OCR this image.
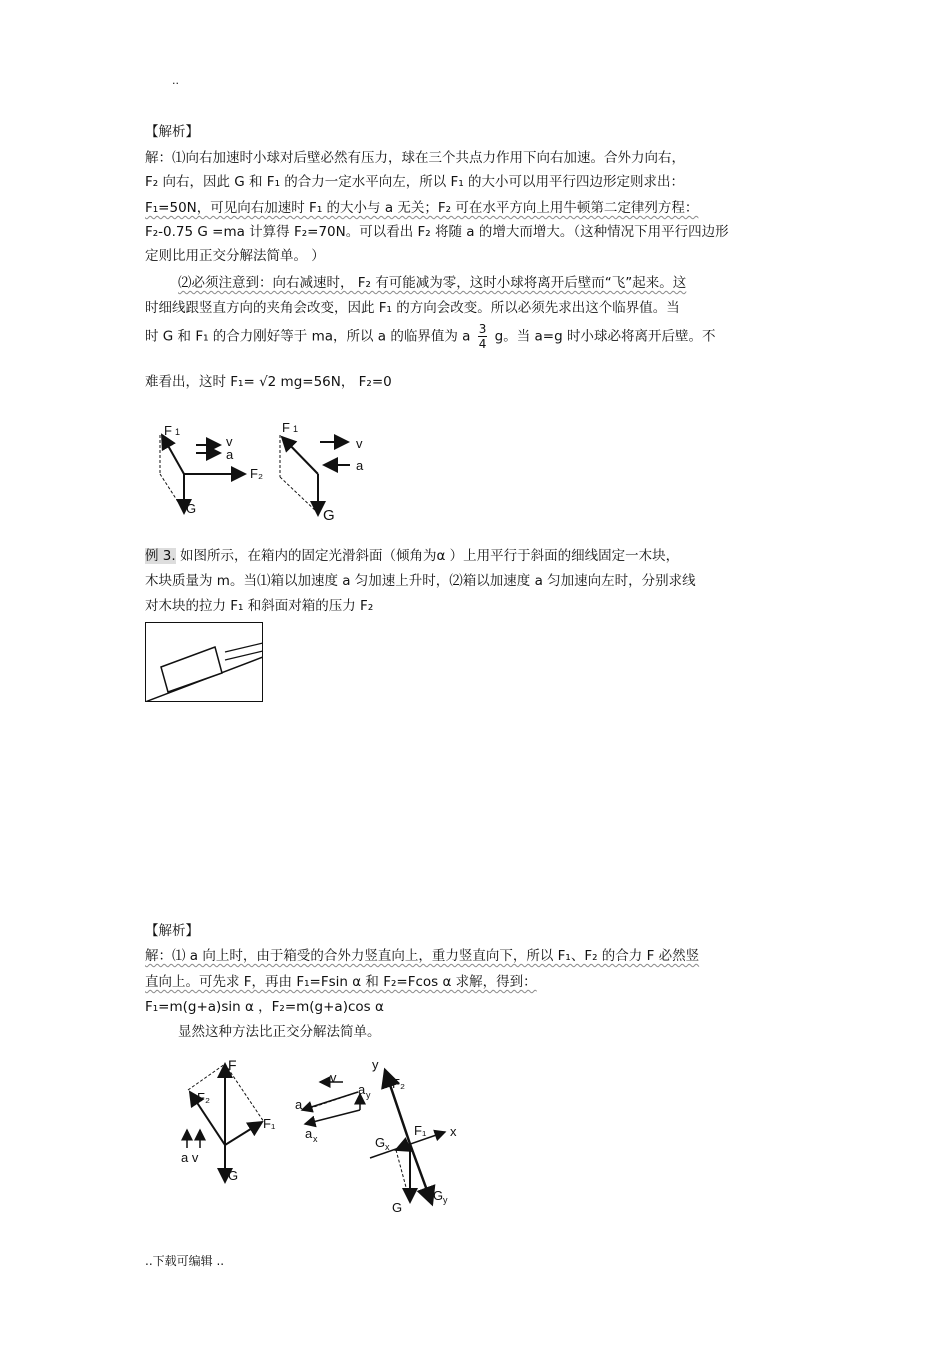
..
【解析】
解：⑴向右加速时小球对后壁必然有压力，球在三个共点力作用下向右加速。合外力向右，
F₂ 向右，因此 G 和 F₁ 的合力一定水平向左，所以 F₁ 的大小可以用平行四边形定则求出：
F₁=50N，可见向右加速时 F₁ 的大小与 a 无关；F₂ 可在水平方向上用牛顿第二定律列方程：
F₂-0.75 G =ma 计算得 F₂=70N。可以看出 F₂ 将随 a 的增大而增大。（这种情况下用平行四边形
定则比用正交分解法简单。 ）
⑵必须注意到：向右减速时， F₂ 有可能减为零，这时小球将离开后壁而“飞”起来。这
时细线跟竖直方向的夹角会改变，因此 F₁ 的方向会改变。所以必须先求出这个临界值。当
时 G 和 F₁ 的合力刚好等于 ma，所以 a 的临界值为 a $\frac{3}{4}$ g。当 a=g 时小球必将离开后壁。不
难看出，这时 F₁= √2 mg=56N， F₂=0
F 1
v
a
F₂
G
F 1
v
a
G
例 3. 如图所示，在箱内的固定光滑斜面（倾角为α ）上用平行于斜面的细线固定一木块，
木块质量为 m。当⑴箱以加速度 a 匀加速上升时，⑵箱以加速度 a 匀加速向左时，分别求线
对木块的拉力 F₁ 和斜面对箱的压力 F₂
【解析】
解：⑴ a 向上时，由于箱受的合外力竖直向上，重力竖直向下，所以 F₁、F₂ 的合力 F 必然竖
直向上。可先求 F，再由 F₁=Fsin α 和 F₂=Fcos α 求解，得到：
F₁=m(g+a)sin α ，F₂=m(g+a)cos α
显然这种方法比正交分解法简单。
F
F₂
F₁
G
a v
v
a y
a
a x
y
F₂
F₁ x
G x
G
G y
..下载可编辑 ..
